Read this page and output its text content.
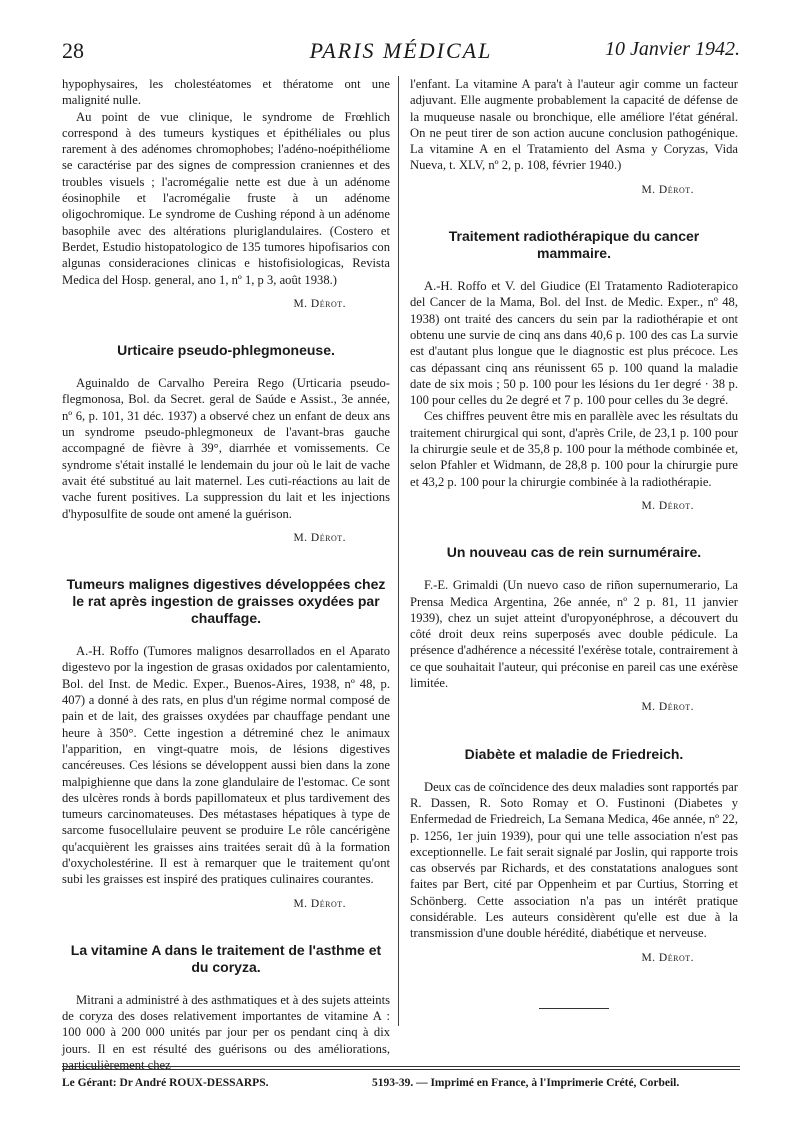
28	PARIS MÉDICAL	10 Janvier 1942.

hypophysaires, les cholestéatomes et thératome ont une malignité nulle.

Au point de vue clinique, le syndrome de Frœhlich correspond à des tumeurs kystiques et épithéliales ou plus rarement à des adénomes chromophobes; l'adéno-noépithéliome se caractérise par des signes de compression craniennes et des troubles visuels ; l'acromégalie nette est due à un adénome éosinophile et l'acromégalie fruste à un adénome oligochromique. Le syndrome de Cushing répond à un adénome basophile avec des altérations pluriglandulaires. (Costero et Berdet, Estudio histopatologico de 135 tumores hipofisarios con algunas consideraciones clinicas e histofisiologicas, Revista Medica del Hosp. general, ano 1, nº 1, p 3, août 1938.)

M. Dérot.

Urticaire pseudo-phlegmoneuse.

Aguinaldo de Carvalho Pereira Rego (Urticaria pseudo-flegmonosa, Bol. da Secret. geral de Saúde e Assist., 3e année, nº 6, p. 101, 31 déc. 1937) a observé chez un enfant de deux ans un syndrome pseudo-phlegmoneux de l'avant-bras gauche accompagné de fièvre à 39°, diarrhée et vomissements. Ce syndrome s'était installé le lendemain du jour où le lait de vache avait été substitué au lait maternel. Les cuti-réactions au lait de vache furent positives. La suppression du lait et les injections d'hyposulfite de soude ont amené la guérison.

M. Dérot.

Tumeurs malignes digestives développées chez le rat après ingestion de graisses oxydées par chauffage.

A.-H. Roffo (Tumores malignos desarrollados en el Aparato digestevo por la ingestion de grasas oxidados por calentamiento, Bol. del Inst. de Medic. Exper., Buenos-Aires, 1938, nº 48, p. 407) a donné à des rats, en plus d'un régime normal composé de pain et de lait, des graisses oxydées par chauffage pendant une heure à 350°. Cette ingestion a détreminé chez le animaux l'apparition, en vingt-quatre mois, de lésions digestives cancéreuses. Ces lésions se développent aussi bien dans la zone malpighienne que dans la zone glandulaire de l'estomac. Ce sont des ulcères ronds à bords papillomateux et plus tardivement des tumeurs carcinomateuses. Des métastases hépatiques à type de sarcome fusocellulaire peuvent se produire Le rôle cancérigène qu'acquièrent les graisses ains traitées serait dû à la formation d'oxycholestérine. Il est à remarquer que le traitement qu'ont subi les graisses est inspiré des pratiques culinaires courantes.

M. Dérot.

La vitamine A dans le traitement de l'asthme et du coryza.

Mitrani a administré à des asthmatiques et à des sujets atteints de coryza des doses relativement importantes de vitamine A : 100 000 à 200 000 unités par jour per os pendant cinq à dix jours. Il en est résulté des guérisons ou des améliorations,

l'enfant. La vitamine A para't à l'auteur agir comme un facteur adjuvant. Elle augmente probablement la capacité de défense de la muqueuse nasale ou bronchique, elle améliore l'état général. On ne peut tirer de son action aucune conclusion pathogénique. La vitamine A en el Tratamiento del Asma y Coryzas, Vida Nueva, t. XLV, nº 2, p. 108, février 1940.)

M. Dérot.

Traitement radiothérapique du cancer mammaire.

A.-H. Roffo et V. del Giudice (El Tratamento Radioterapico del Cancer de la Mama, Bol. del Inst. de Medic. Exper., nº 48, 1938) ont traité des cancers du sein par la radiothérapie et ont obtenu une survie de cinq ans dans 40,6 p. 100 des cas La survie est d'autant plus longue que le diagnostic est plus précoce. Les cas dépassant cinq ans réunissent 65 p. 100 quand la maladie date de six mois ; 50 p. 100 pour les lésions du 1er degré · 38 p. 100 pour celles du 2e degré et 7 p. 100 pour celles du 3e degré.

Ces chiffres peuvent être mis en parallèle avec les résultats du traitement chirurgical qui sont, d'après Crile, de 23,1 p. 100 pour la chirurgie seule et de 35,8 p. 100 pour la méthode combinée et, selon Pfahler et Widmann, de 28,8 p. 100 pour la chirurgie pure et 43,2 p. 100 pour la chirurgie combinée à la radiothérapie.

M. Dérot.

Un nouveau cas de rein surnuméraire.

F.-E. Grimaldi (Un nuevo caso de riñon supernumerario, La Prensa Medica Argentina, 26e année, nº 2 p. 81, 11 janvier 1939), chez un sujet atteint d'uropyonéphrose, a découvert du côté droit deux reins superposés avec double pédicule. La présence d'adhérence a nécessité l'exérèse totale, contrairement à ce que souhaitait l'auteur, qui préconise en pareil cas une exérèse limitée.

M. Dérot.

Diabète et maladie de Friedreich.

Deux cas de coïncidence des deux maladies sont rapportés par R. Dassen, R. Soto Romay et O. Fustinoni (Diabetes y Enfermedad de Friedreich, La Semana Medica, 46e année, nº 22, p. 1256, 1er juin 1939), pour qui une telle association n'est pas exceptionnelle. Le fait serait signalé par Joslin, qui rapporte trois cas observés par Richards, et des constatations analogues sont faites par Bert, cité par Oppenheim et par Curtius, Storring et Schönberg. Cette association n'a pas un intérêt pratique considérable. Les auteurs considèrent qu'elle est due à la transmission d'une double hérédité, diabétique et nerveuse.

M. Dérot.

Le Gérant: Dr André ROUX-DESSARPS.	5193-39. — Imprimé en France, à l'Imprimerie Crété, Corbeil.
